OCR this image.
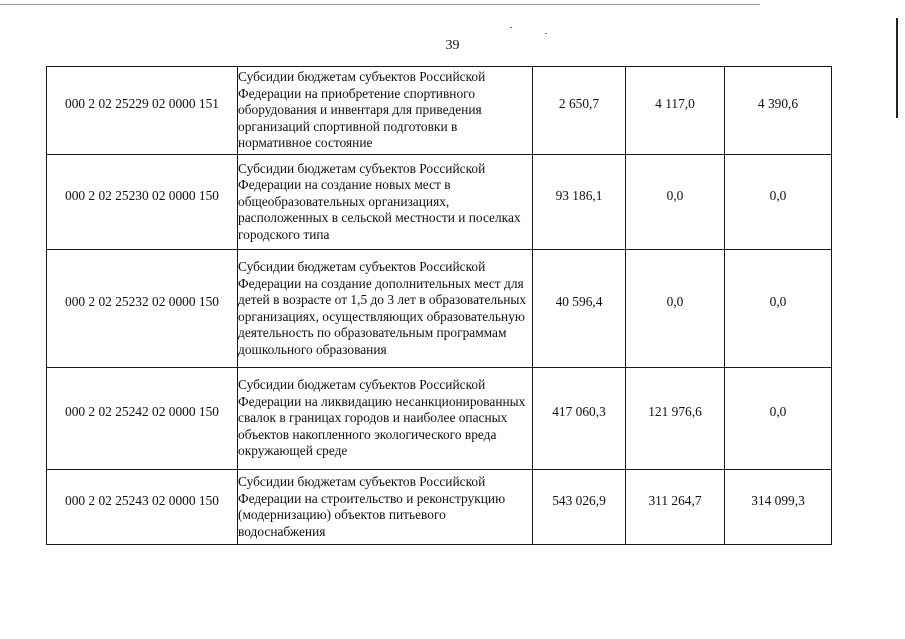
39
000 2 02 25229 02 0000 151	Субсидии бюджетам субъектов Российской Федерации на приобретение спортивного оборудования и инвентаря для приведения организаций спортивной подготовки в нормативное состояние	2 650,7	4 117,0	4 390,6
000 2 02 25230 02 0000 150	Субсидии бюджетам субъектов Российской Федерации на создание новых мест в общеобразовательных организациях, расположенных в сельской местности и поселках городского типа	93 186,1	0,0	0,0
000 2 02 25232 02 0000 150	Субсидии бюджетам субъектов Российской Федерации на создание дополнительных мест для детей в возрасте от 1,5 до 3 лет в образовательных организациях, осуществляющих образовательную деятельность по образовательным программам дошкольного образования	40 596,4	0,0	0,0
000 2 02 25242 02 0000 150	Субсидии бюджетам субъектов Российской Федерации на ликвидацию несанкционированных свалок в границах городов и наиболее опасных объектов накопленного экологического вреда окружающей среде	417 060,3	121 976,6	0,0
000 2 02 25243 02 0000 150	Субсидии бюджетам субъектов Российской Федерации на строительство и реконструкцию (модернизацию) объектов питьевого водоснабжения	543 026,9	311 264,7	314 099,3
